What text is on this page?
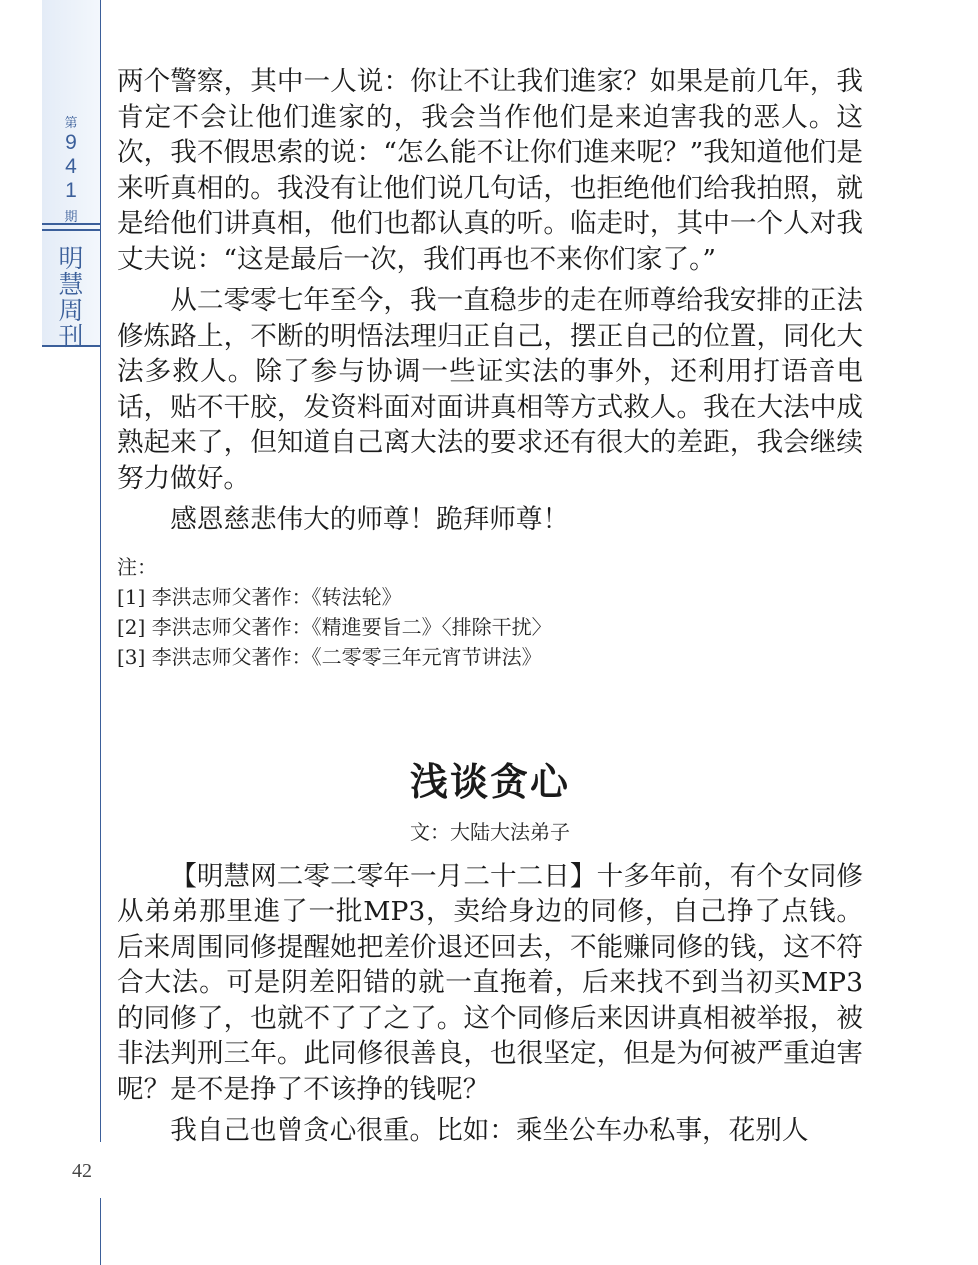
第
9
4
1
期
明
慧
周
刊
42

两个警察，其中一人说：你让不让我们進家？如果是前几年，我肯定不会让他们進家的，我会当作他们是来迫害我的恶人。这次，我不假思索的说：“怎么能不让你们進来呢？”我知道他们是来听真相的。我没有让他们说几句话，也拒绝他们给我拍照，就是给他们讲真相，他们也都认真的听。临走时，其中一个人对我丈夫说：“这是最后一次，我们再也不来你们家了。”

从二零零七年至今，我一直稳步的走在师尊给我安排的正法修炼路上，不断的明悟法理归正自己，摆正自己的位置，同化大法多救人。除了参与协调一些证实法的事外，还利用打语音电话，贴不干胶，发资料面对面讲真相等方式救人。我在大法中成熟起来了，但知道自己离大法的要求还有很大的差距，我会继续努力做好。

感恩慈悲伟大的师尊！跪拜师尊！

注：
[1] 李洪志师父著作：《转法轮》
[2] 李洪志师父著作：《精進要旨二》〈排除干扰〉
[3] 李洪志师父著作：《二零零三年元宵节讲法》
浅谈贪心
文：大陆大法弟子

【明慧网二零二零年一月二十二日】十多年前，有个女同修从弟弟那里進了一批MP3，卖给身边的同修，自己挣了点钱。后来周围同修提醒她把差价退还回去，不能赚同修的钱，这不符合大法。可是阴差阳错的就一直拖着，后来找不到当初买MP3的同修了，也就不了了之了。这个同修后来因讲真相被举报，被非法判刑三年。此同修很善良，也很坚定，但是为何被严重迫害呢？是不是挣了不该挣的钱呢？

我自己也曾贪心很重。比如：乘坐公车办私事，花别人
